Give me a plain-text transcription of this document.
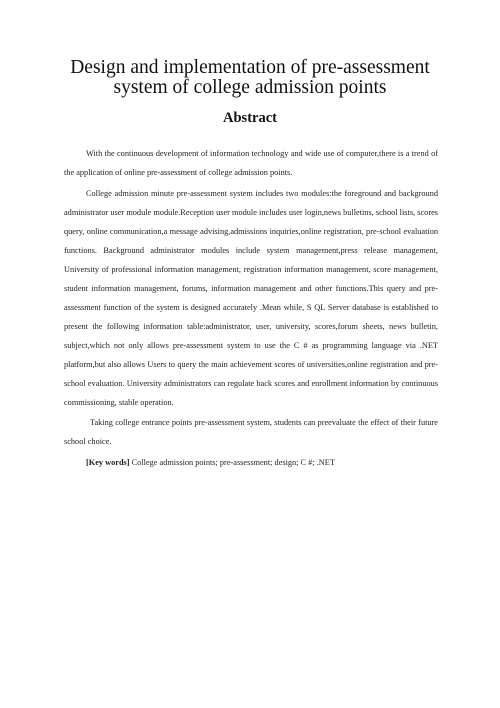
Design and implementation of pre-assessment
system of college admission points
Abstract

With the continuous development of information technology and wide use of computer,there is a trend of the application of online pre-assessment of college admission points.

College admission minute pre-assessment system includes two modules:the foreground and background administrator user module module.Reception user module includes user login,news bulletins, school lists, scores query, online communication,a message advising,admissions inquiries,online registration, pre-school evaluation functions. Background administrator modules include system management,press release management, University of professional information management, registration information management, score management, student information management, forums, information management and other functions.This query and pre-assessment function of the system is designed accurately .Mean while, S QL Server database is established to present the following information table:administrator, user, university, scores,forum sheets, news bulletin, subject,which not only allows pre-assessment system to use the C # as programming language via .NET platform,but also allows Users to query the main achievement scores of universities,online registration and pre-school evaluation. University administrators can regulate back scores and enrollment information by continuous commissioning, stable operation.

Taking college entrance points pre-assessment system, students can preevaluate the effect of their future school choice.

[Key words] College admission points; pre-assessment; design; C #; .NET
